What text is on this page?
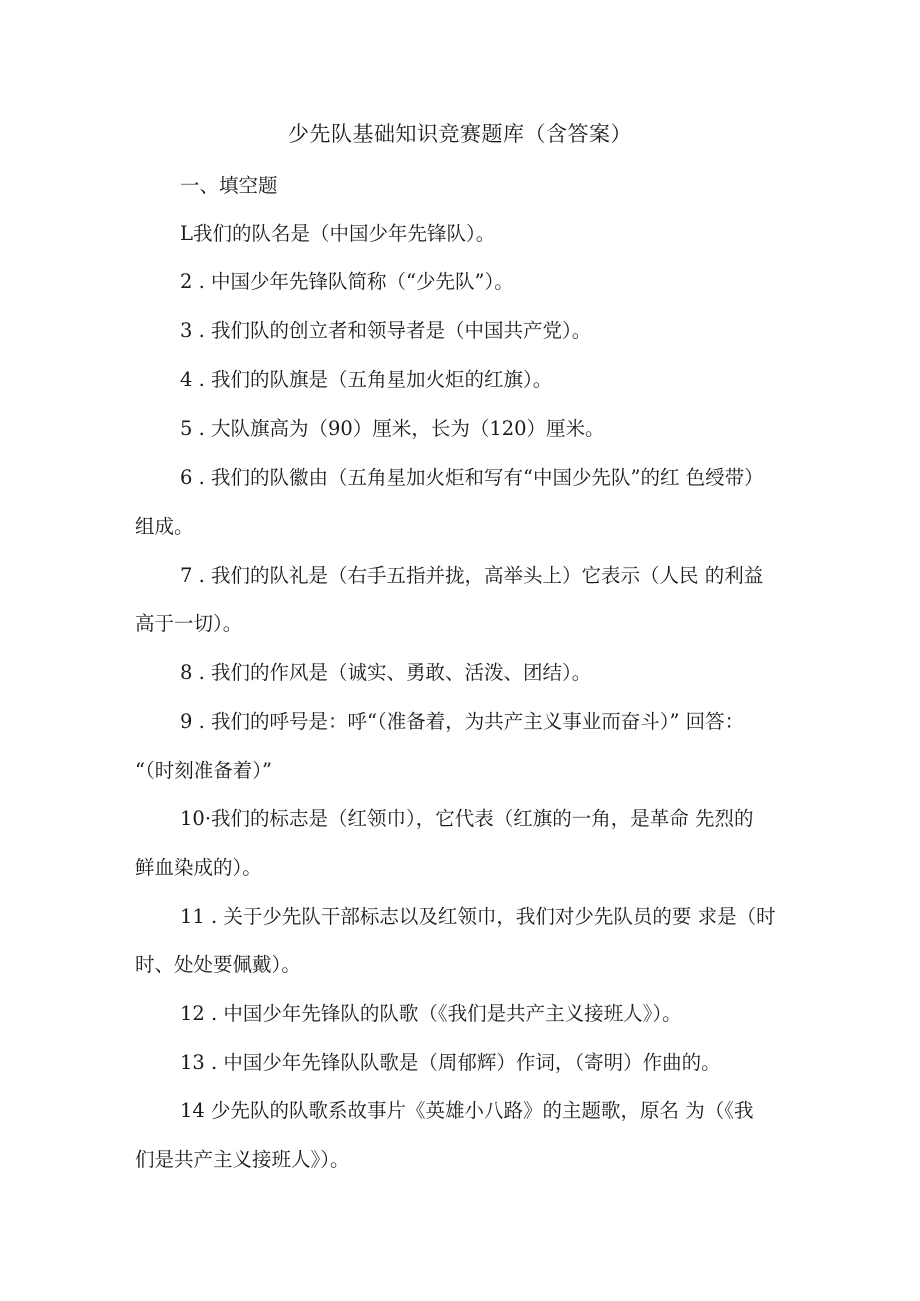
少先队基础知识竞赛题库（含答案）
一、填空题
L我们的队名是（中国少年先锋队）。
2 . 中国少年先锋队简称（“少先队”）。
3 . 我们队的创立者和领导者是（中国共产党）。
4 . 我们的队旗是（五角星加火炬的红旗）。
5 . 大队旗高为（90）厘米，长为（120）厘米。
6 . 我们的队徽由（五角星加火炬和写有“中国少先队”的红 色绶带）
组成。
7 . 我们的队礼是（右手五指并拢，高举头上）它表示（人民 的利益
高于一切）。
8 . 我们的作风是（诚实、勇敢、活泼、团结）。
9 . 我们的呼号是：呼“（准备着，为共产主义事业而奋斗）” 回答：
“（时刻准备着）”
10·我们的标志是（红领巾），它代表（红旗的一角，是革命 先烈的
鲜血染成的）。
11 . 关于少先队干部标志以及红领巾，我们对少先队员的要 求是（时
时、处处要佩戴）。
12 . 中国少年先锋队的队歌（《我们是共产主义接班人》）。
13 . 中国少年先锋队队歌是（周郁辉）作词，（寄明）作曲的。
14 少先队的队歌系故事片《英雄小八路》的主题歌，原名 为（《我
们是共产主义接班人》）。
